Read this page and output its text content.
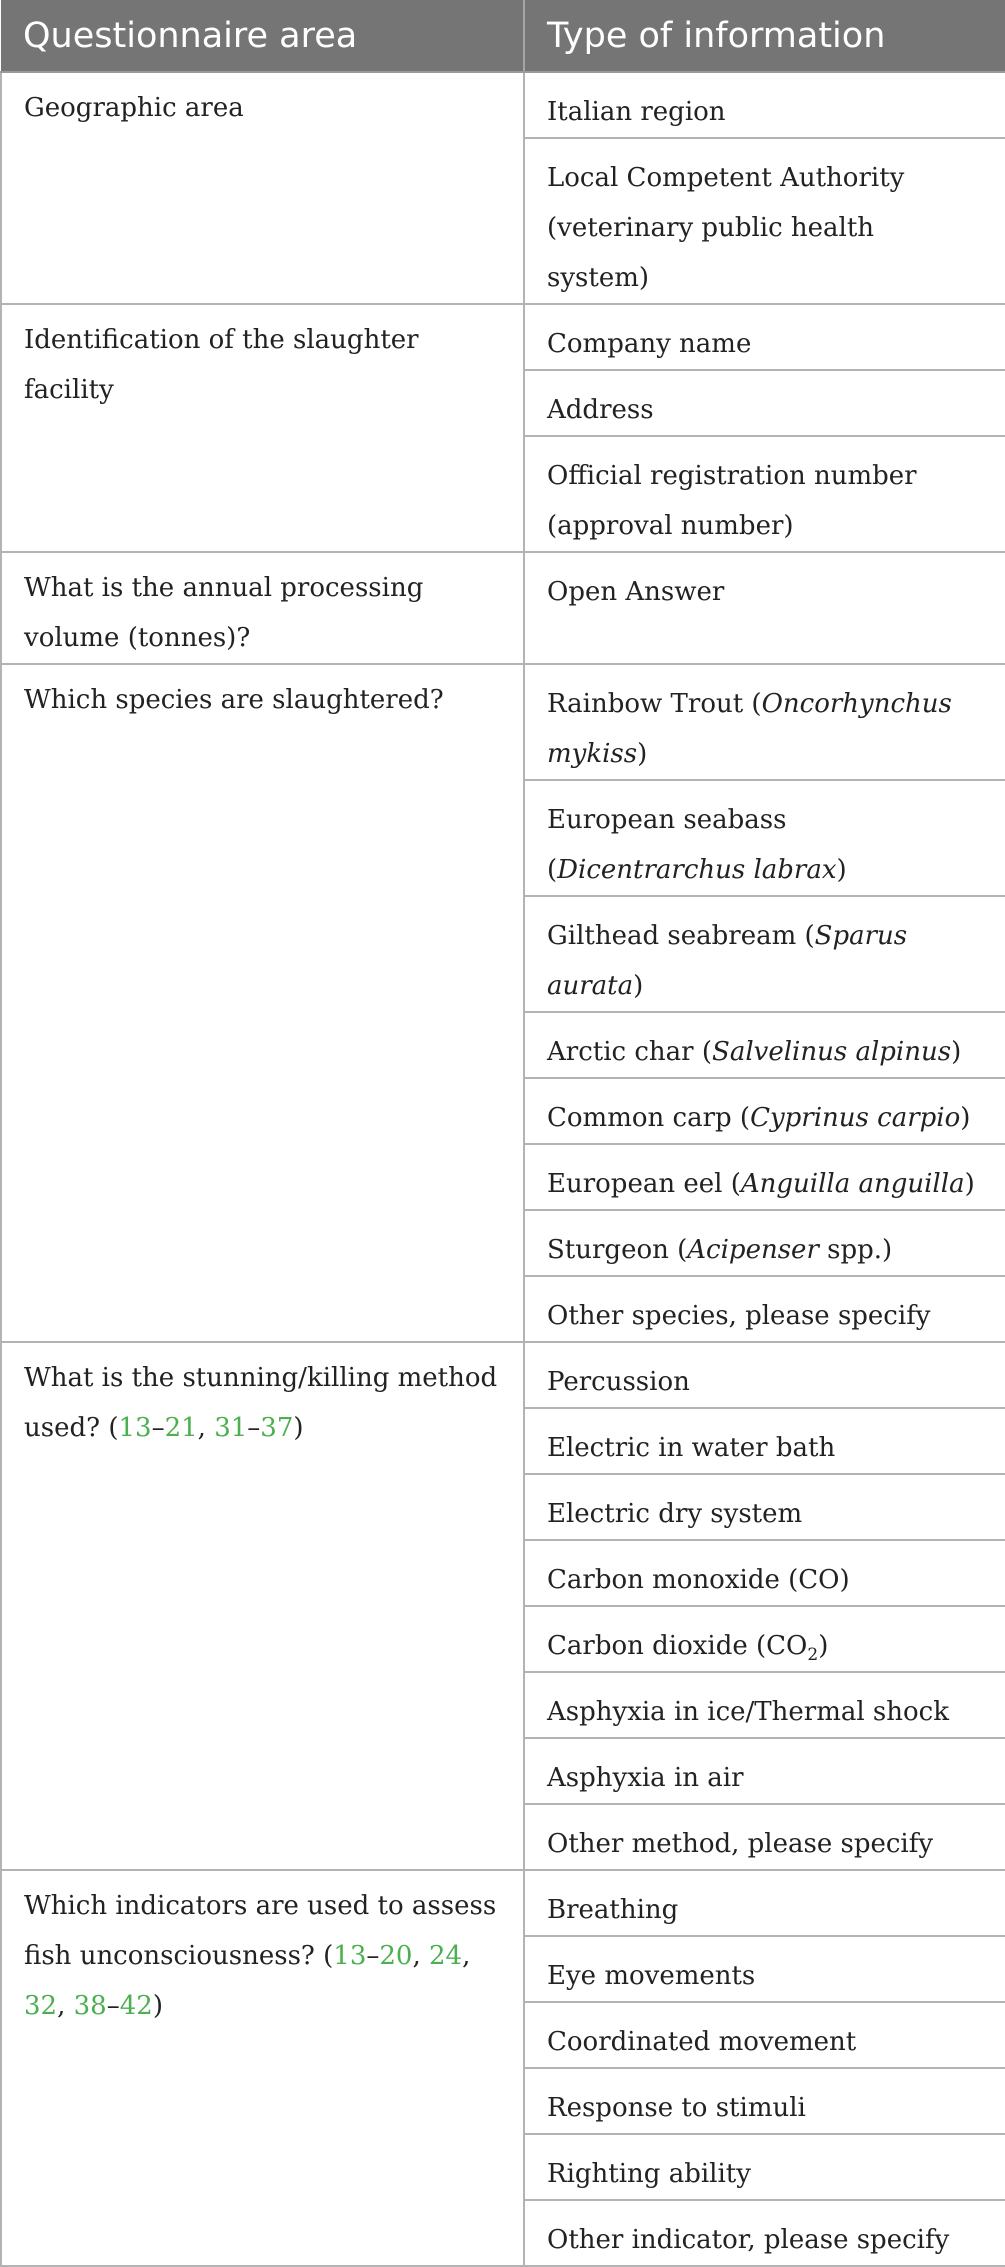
Questionnaire area	Type of information
Geographic area	Italian region
	Local Competent Authority (veterinary public health system)
Identification of the slaughter facility	Company name
	Address
	Official registration number (approval number)
What is the annual processing volume (tonnes)?	Open Answer
Which species are slaughtered?	Rainbow Trout (Oncorhynchus mykiss)
	European seabass (Dicentrarchus labrax)
	Gilthead seabream (Sparus aurata)
	Arctic char (Salvelinus alpinus)
	Common carp (Cyprinus carpio)
	European eel (Anguilla anguilla)
	Sturgeon (Acipenser spp.)
	Other species, please specify
What is the stunning/killing method used? (13–21, 31–37)	Percussion
	Electric in water bath
	Electric dry system
	Carbon monoxide (CO)
	Carbon dioxide $(CO_2)$
	Asphyxia in ice/Thermal shock
	Asphyxia in air
	Other method, please specify
Which indicators are used to assess fish unconsciousness? (13–20, 24, 32, 38–42)	Breathing
	Eye movements
	Coordinated movement
	Response to stimuli
	Righting ability
	Other indicator, please specify
